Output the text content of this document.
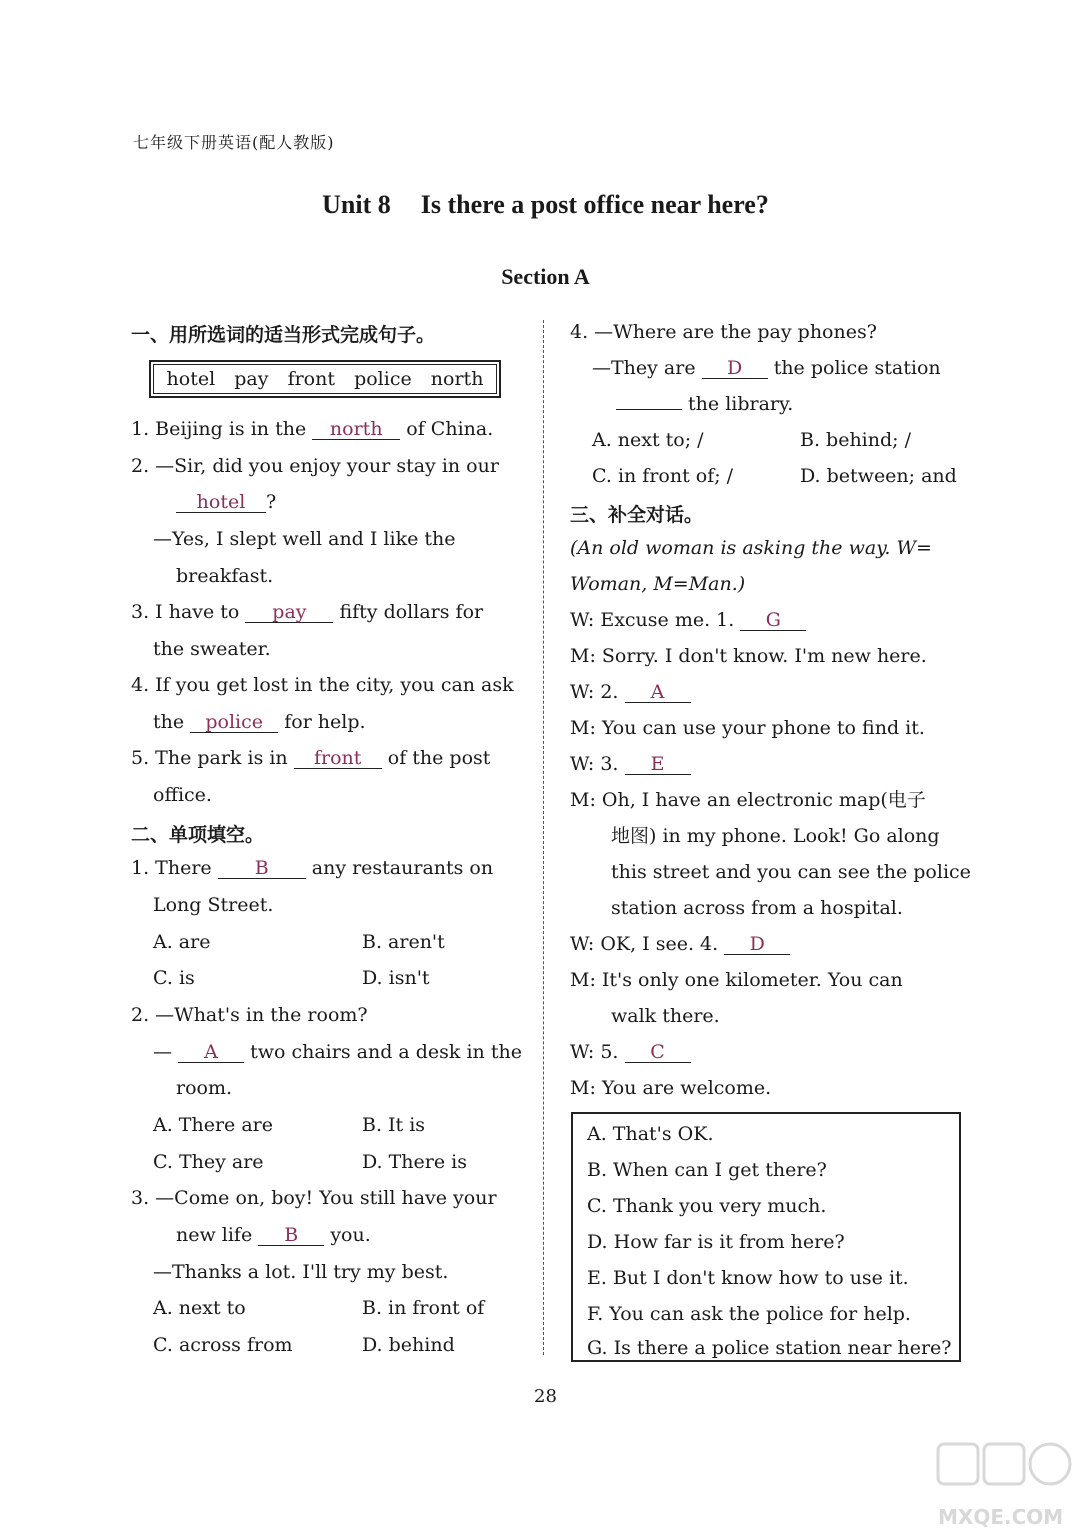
七年级下册英语(配人教版)
Unit 8 Is there a post office near here?
Section A
一、用所选词的适当形式完成句子。
hotel pay front police north
1. Beijing is in the north of China.
2. —Sir, did you enjoy your stay in our
hotel ?
—Yes, I slept well and I like the
breakfast.
3. I have to pay fifty dollars for
the sweater.
4. If you get lost in the city, you can ask
the police for help.
5. The park is in front of the post
office.
二、单项填空。
1. There B any restaurants on
Long Street.
A. are	B. aren't
C. is	D. isn't
2. —What's in the room?
— A two chairs and a desk in the
room.
A. There are	B. It is
C. They are	D. There is
3. —Come on, boy! You still have your
new life B you.
—Thanks a lot. I'll try my best.
A. next to	B. in front of
C. across from	D. behind
4. —Where are the pay phones?
—They are D the police station
the library.
A. next to; /	B. behind; /
C. in front of; /	D. between; and
三、补全对话。
(An old woman is asking the way. W=
Woman, M=Man.)
W: Excuse me. 1. G
M: Sorry. I don't know. I'm new here.
W: 2. A
M: You can use your phone to find it.
W: 3. E
M: Oh, I have an electronic map(电子
地图) in my phone. Look! Go along
this street and you can see the police
station across from a hospital.
W: OK, I see. 4. D
M: It's only one kilometer. You can
walk there.
W: 5. C
M: You are welcome.
A. That's OK.
B. When can I get there?
C. Thank you very much.
D. How far is it from here?
E. But I don't know how to use it.
F. You can ask the police for help.
G. Is there a police station near here?
28
MXQE.COM
